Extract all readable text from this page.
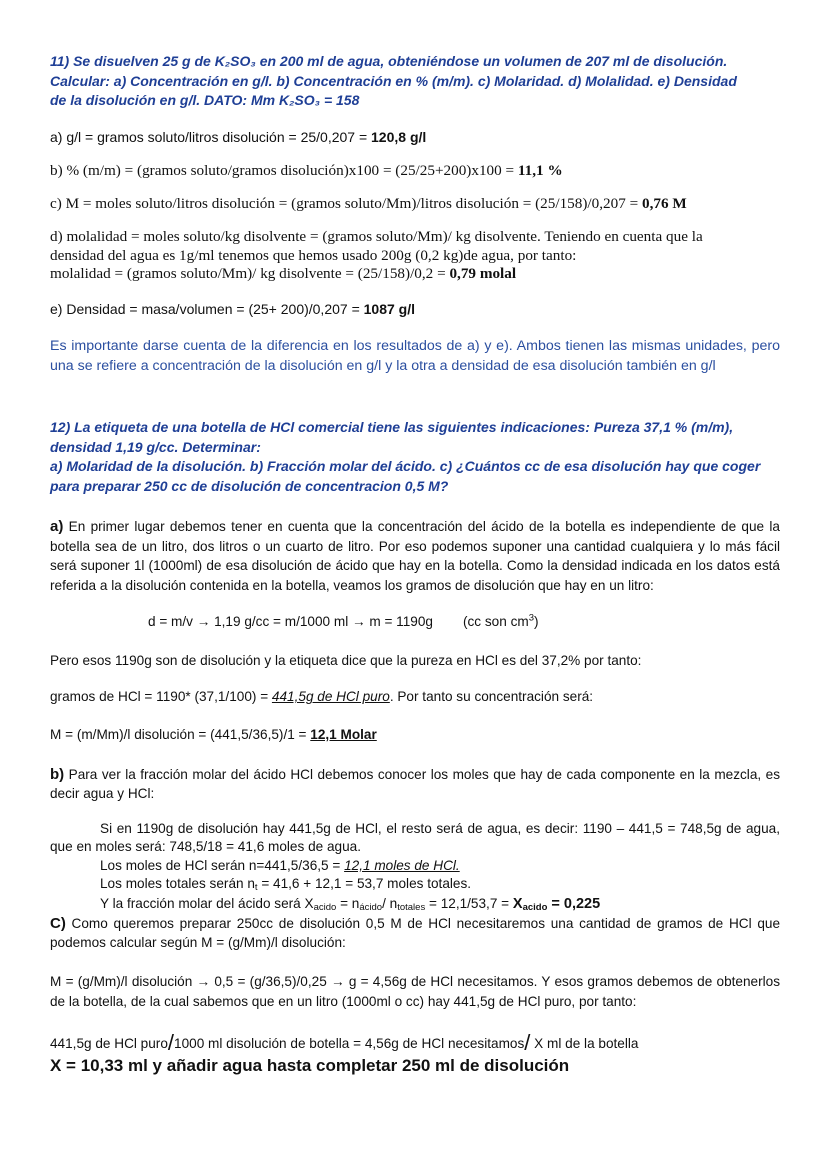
11) Se disuelven 25 g de K₂SO₃ en 200 ml de agua, obteniéndose un volumen de 207 ml de disolución.
Calcular: a) Concentración en g/l. b) Concentración en % (m/m). c) Molaridad. d) Molalidad. e) Densidad
de la disolución en g/l. DATO: Mm K₂SO₃ = 158
a) g/l = gramos soluto/litros disolución = 25/0,207 = 120,8 g/l
b) % (m/m) = (gramos soluto/gramos disolución)x100 = (25/25+200)x100 = 11,1 %
c) M = moles soluto/litros disolución = (gramos soluto/Mm)/litros disolución = (25/158)/0,207 = 0,76 M
d) molalidad = moles soluto/kg disolvente = (gramos soluto/Mm)/ kg disolvente. Teniendo en cuenta que la
densidad del agua es 1g/ml tenemos que hemos usado 200g (0,2 kg)de agua, por tanto:
molalidad = (gramos soluto/Mm)/ kg disolvente = (25/158)/0,2 = 0,79 molal
e) Densidad = masa/volumen = (25+ 200)/0,207 = 1087 g/l
Es importante darse cuenta de la diferencia en los resultados de a) y e). Ambos tienen las mismas unidades, pero una se refiere a concentración de la disolución en g/l y la otra a densidad de esa disolución también en g/l
12) La etiqueta de una botella de HCl comercial tiene las siguientes indicaciones: Pureza 37,1 % (m/m),
densidad 1,19 g/cc. Determinar:
a) Molaridad de la disolución. b) Fracción molar del ácido. c) ¿Cuántos cc de esa disolución hay que coger
para preparar 250 cc de disolución de concentracion 0,5 M?
a) En primer lugar debemos tener en cuenta que la concentración del ácido de la botella es independiente de que la botella sea de un litro, dos litros o un cuarto de litro. Por eso podemos suponer una cantidad cualquiera y lo más fácil será suponer 1l (1000ml) de esa disolución de ácido que hay en la botella. Como la densidad indicada en los datos está referida a la disolución contenida en la botella, veamos los gramos de disolución que hay en un litro:
d = m/v → 1,19 g/cc = m/1000 ml → m = 1190g (cc son $cm^3$)
Pero esos 1190g son de disolución y la etiqueta dice que la pureza en HCl es del 37,2% por tanto:
gramos de HCl = 1190* (37,1/100) = 441,5g de HCl puro. Por tanto su concentración será:
M = (m/Mm)/l disolución = (441,5/36,5)/1 = 12,1 Molar
b) Para ver la fracción molar del ácido HCl debemos conocer los moles que hay de cada componente en la mezcla, es decir agua y HCl:
Si en 1190g de disolución hay 441,5g de HCl, el resto será de agua, es decir: 1190 – 441,5 = 748,5g de agua, que en moles será: 748,5/18 = 41,6 moles de agua.
Los moles de HCl serán n=441,5/36,5 = 12,1 moles de HCl.
Los moles totales serán $n_t = 41,6 + 12,1 = 53,7$ moles totales.
Y la fracción molar del ácido será $X_{acido} = n_{ácido}/$ $n_{totales} = 12,1/53,7 = X_{acido} = 0,225$
C) Como queremos preparar 250cc de disolución 0,5 M de HCl necesitaremos una cantidad de gramos de HCl que podemos calcular según M = (g/Mm)/l disolución:
M = (g/Mm)/l disolución → 0,5 = (g/36,5)/0,25 → g = 4,56g de HCl necesitamos. Y esos gramos debemos de obtenerlos de la botella, de la cual sabemos que en un litro (1000ml o cc) hay 441,5g de HCl puro, por tanto:
441,5g de HCl puro/1000 ml disolución de botella = 4,56g de HCl necesitamos/ X ml de la botella
X = 10,33 ml y añadir agua hasta completar 250 ml de disolución
